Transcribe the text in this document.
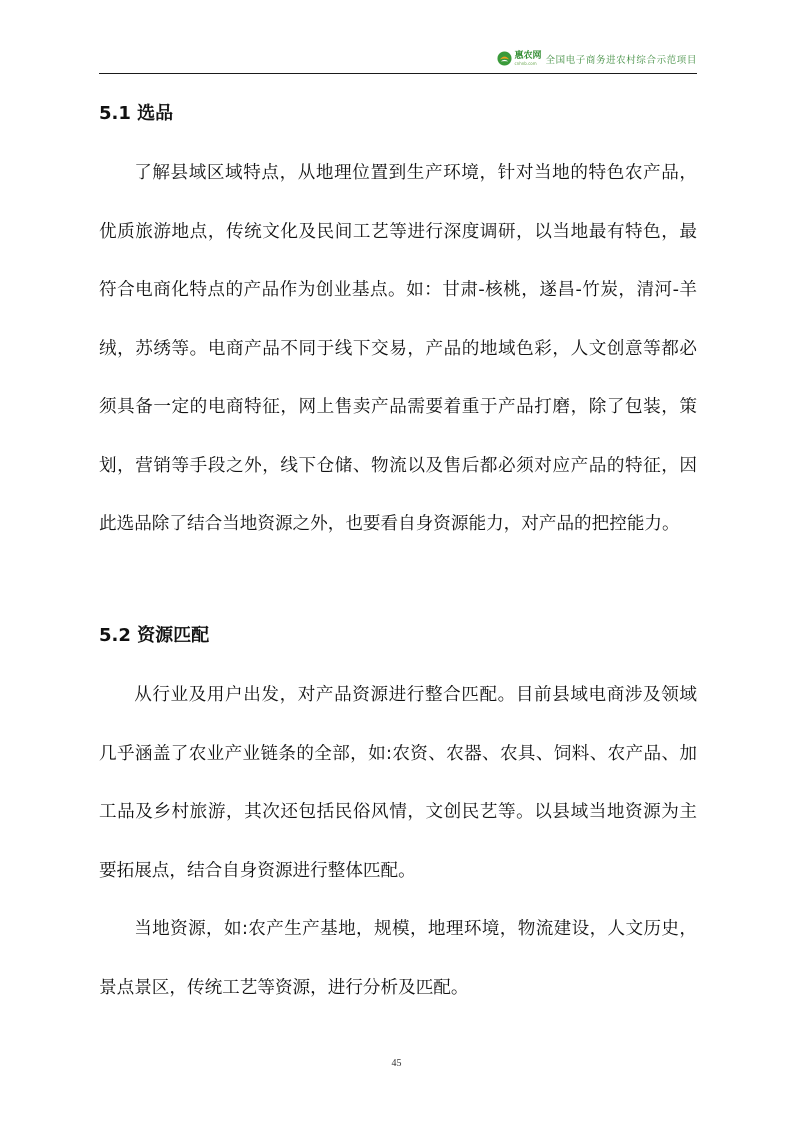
惠农网
cnhnb.com 全国电子商务进农村综合示范项目
5.1 选品

了解县域区域特点，从地理位置到生产环境，针对当地的特色农产品，优质旅游地点，传统文化及民间工艺等进行深度调研，以当地最有特色，最符合电商化特点的产品作为创业基点。如：甘肃-核桃，遂昌-竹炭，清河-羊绒，苏绣等。电商产品不同于线下交易，产品的地域色彩，人文创意等都必须具备一定的电商特征，网上售卖产品需要着重于产品打磨，除了包装，策划，营销等手段之外，线下仓储、物流以及售后都必须对应产品的特征，因此选品除了结合当地资源之外，也要看自身资源能力，对产品的把控能力。

5.2 资源匹配

从行业及用户出发，对产品资源进行整合匹配。目前县域电商涉及领域几乎涵盖了农业产业链条的全部，如:农资、农器、农具、饲料、农产品、加工品及乡村旅游，其次还包括民俗风情，文创民艺等。以县域当地资源为主要拓展点，结合自身资源进行整体匹配。

当地资源，如:农产生产基地，规模，地理环境，物流建设，人文历史，景点景区，传统工艺等资源，进行分析及匹配。

45
